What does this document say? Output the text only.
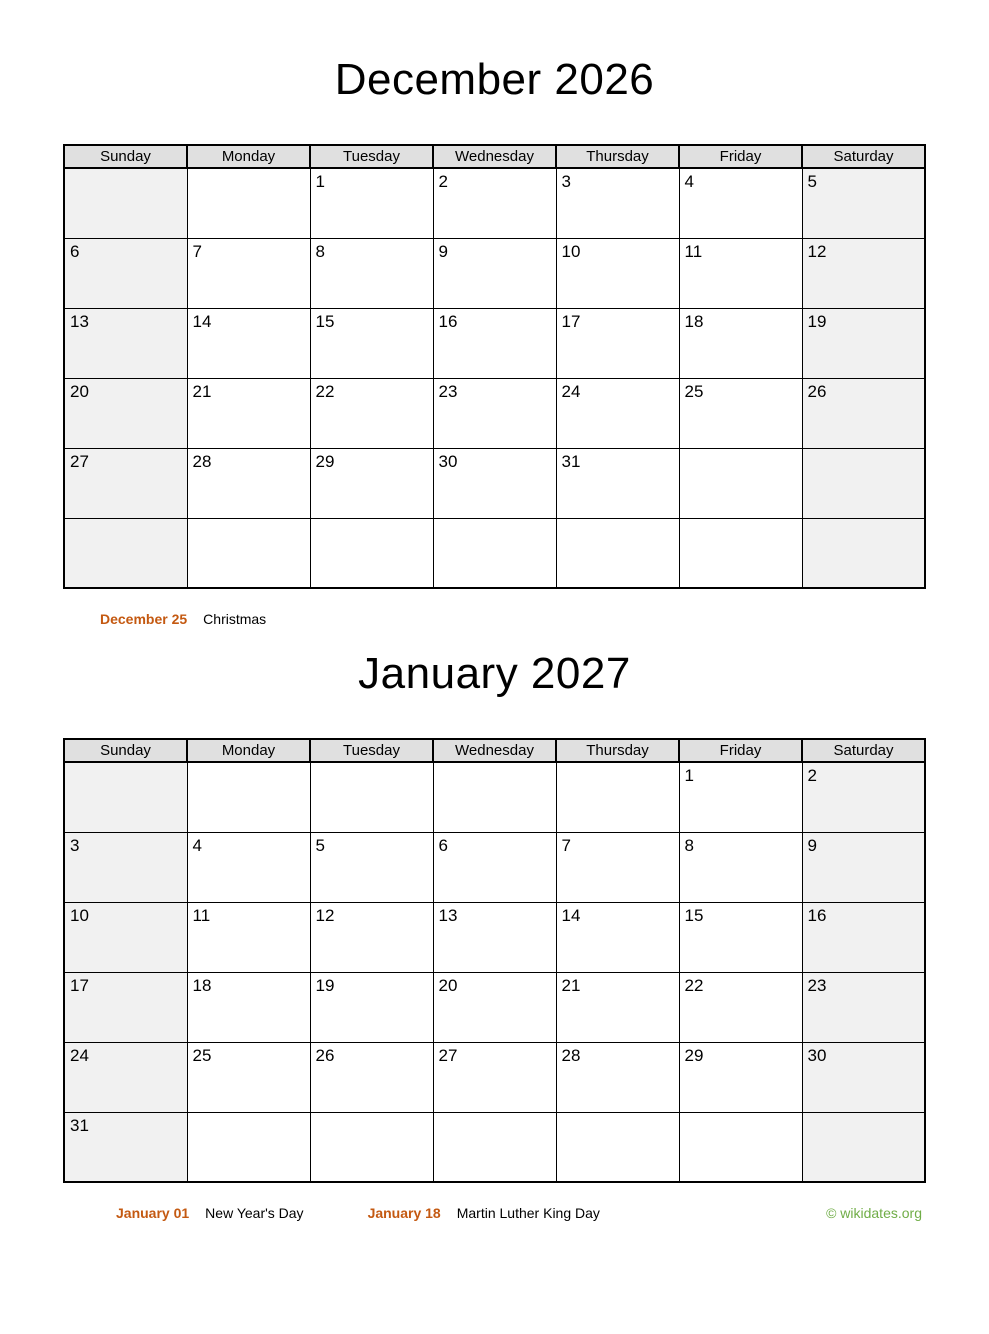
December 2026
Sunday	Monday	Tuesday	Wednesday	Thursday	Friday	Saturday
		1	2	3	4	5
6	7	8	9	10	11	12
13	14	15	16	17	18	19
20	21	22	23	24	25	26
27	28	29	30	31		

December 25 Christmas
January 2027
Sunday	Monday	Tuesday	Wednesday	Thursday	Friday	Saturday
					1	2
3	4	5	6	7	8	9
10	11	12	13	14	15	16
17	18	19	20	21	22	23
24	25	26	27	28	29	30
31						
January 01 New Year's Day	January 18 Martin Luther King Day	© wikidates.org
